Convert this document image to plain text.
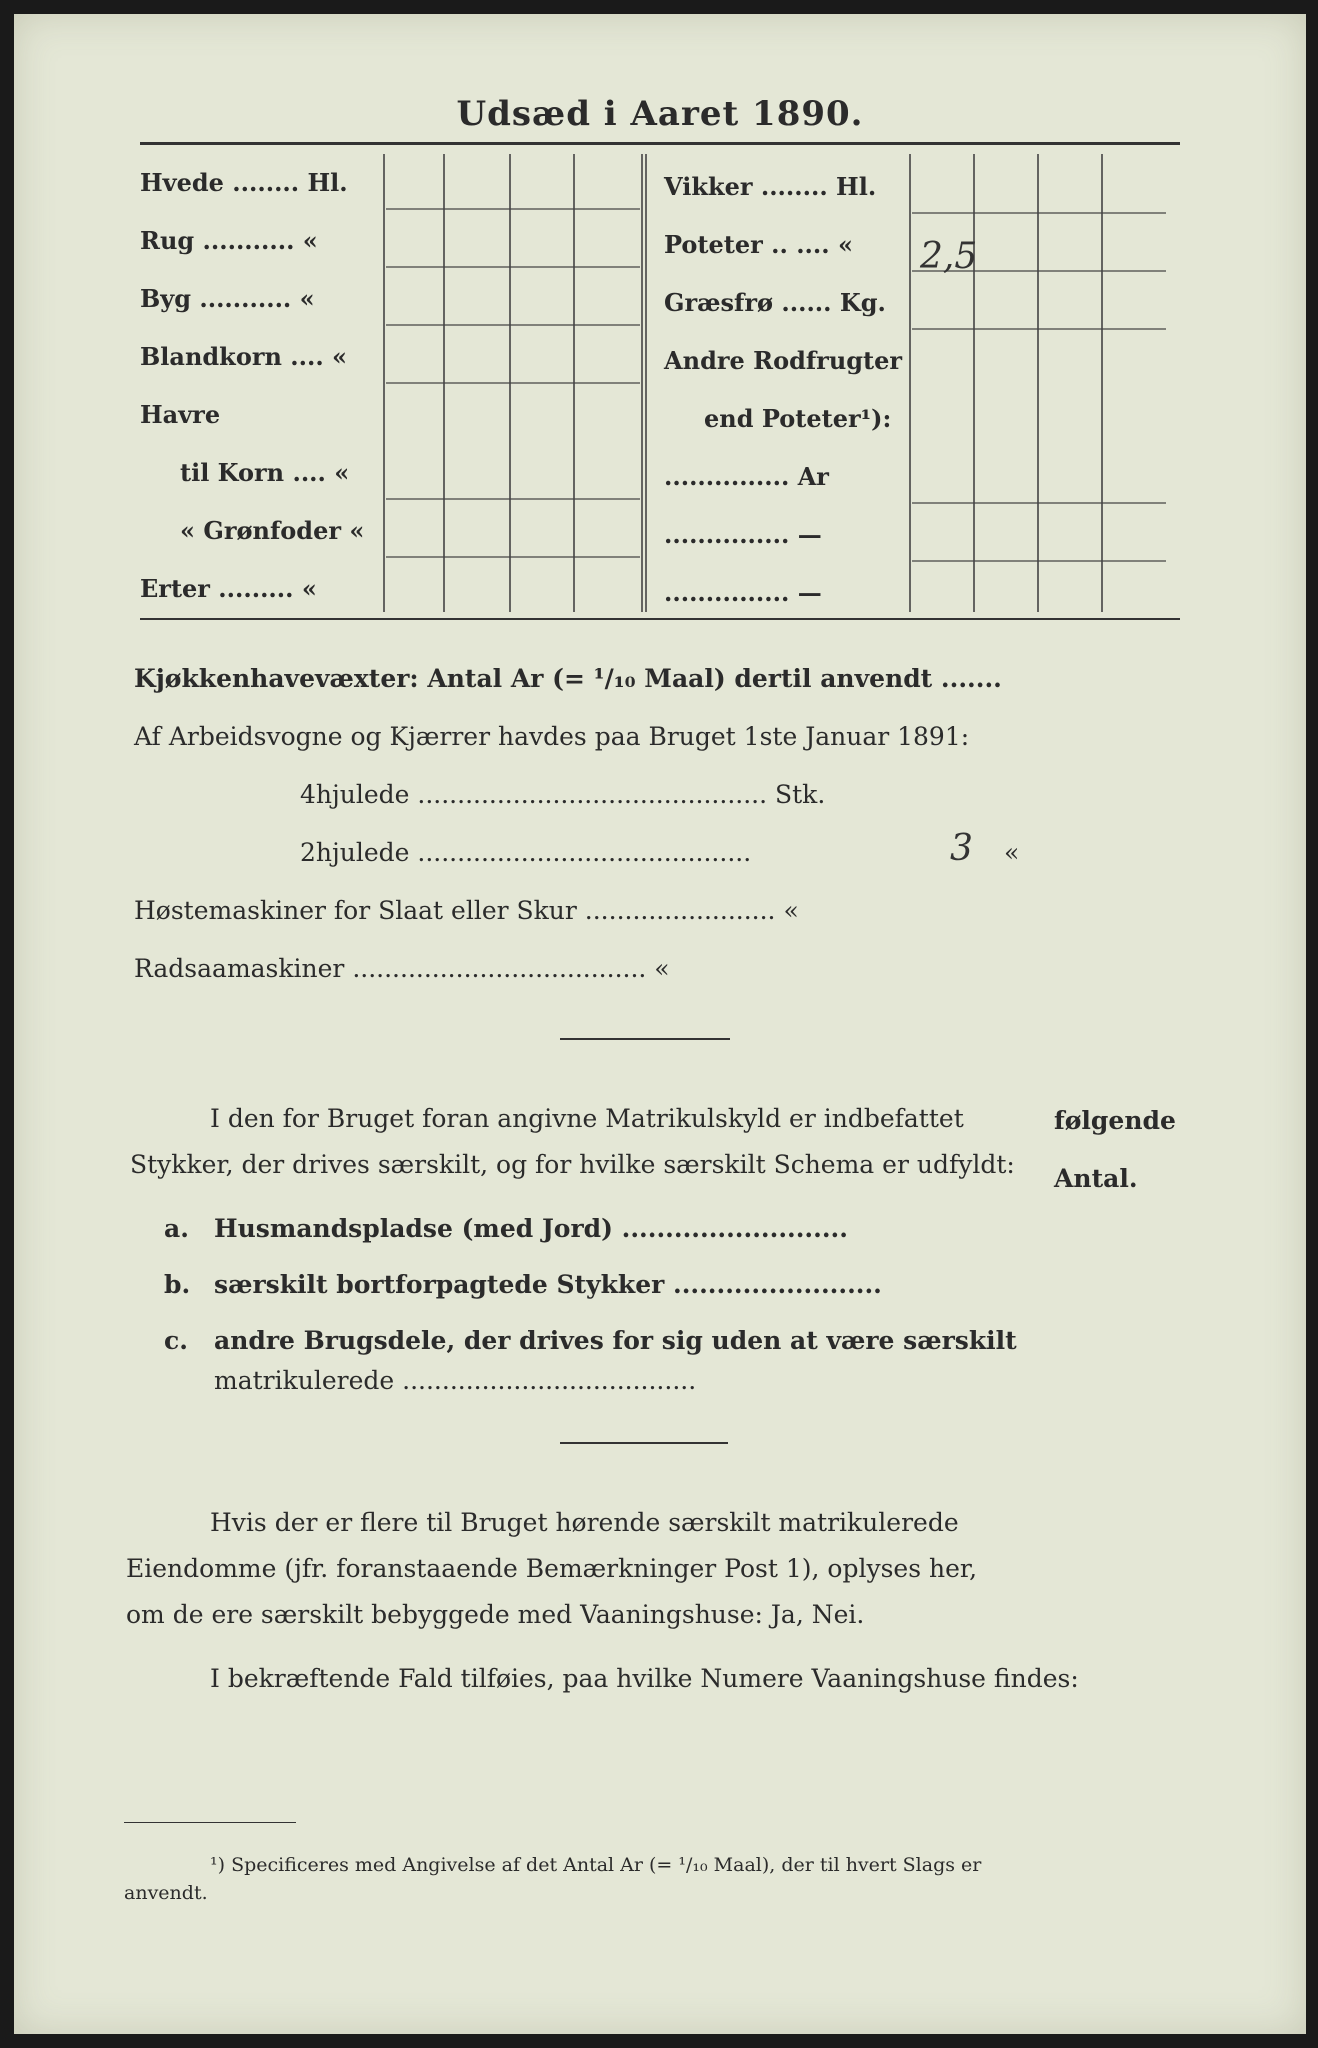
Udsæd i Aaret 1890.
Hvede ........ Hl.
Rug ........... «
Byg ........... «
Blandkorn .... «
Havre
til Korn .... «
« Grønfoder «
Erter ......... «
Vikker ........ Hl.
Poteter .. .... «
Græsfrø ...... Kg.
Andre Rodfrugter
end Poteter¹):
............... Ar
............... —
............... —
2,5
Kjøkkenhavevæxter: Antal Ar (= ¹/₁₀ Maal) dertil anvendt .......
Af Arbeidsvogne og Kjærrer havdes paa Bruget 1ste Januar 1891:
4hjulede ............................................ Stk.
2hjulede ..........................................	3 «
Høstemaskiner for Slaat eller Skur ........................ «
Radsaamaskiner ..................................... «
I den for Bruget foran angivne Matrikulskyld er indbefattet
Stykker, der drives særskilt, og for hvilke særskilt Schema er udfyldt:
følgende
Antal.
a. Husmandspladse (med Jord) ..........................
b. særskilt bortforpagtede Stykker ........................
c. andre Brugsdele, der drives for sig uden at være særskilt
matrikulerede .....................................
Hvis der er flere til Bruget hørende særskilt matrikulerede
Eiendomme (jfr. foranstaaende Bemærkninger Post 1), oplyses her,
om de ere særskilt bebyggede med Vaaningshuse: Ja, Nei.
I bekræftende Fald tilføies, paa hvilke Numere Vaaningshuse findes:
¹) Specificeres med Angivelse af det Antal Ar (= ¹/₁₀ Maal), der til hvert Slags er
anvendt.
